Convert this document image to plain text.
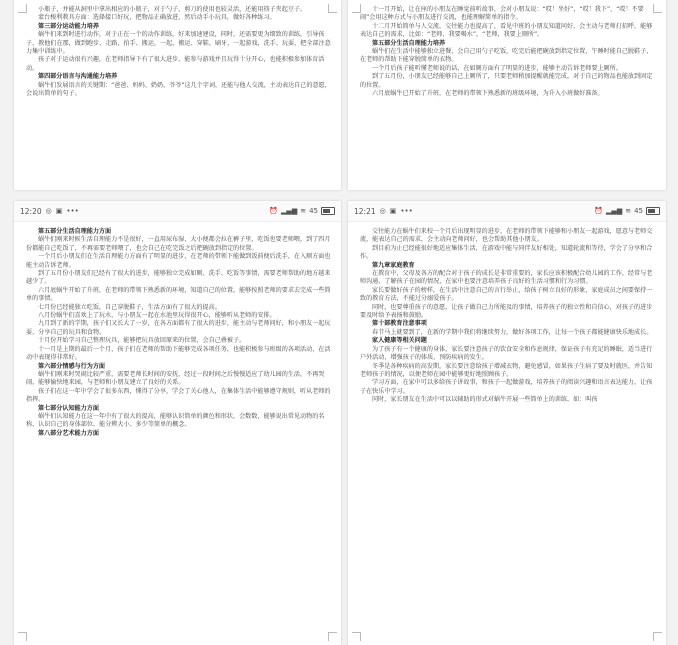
小瓶子，并能从洞里中拿出相应的小瓶子，对于勺子、剪刀的使用也较灵活，还能用筷子夹起豆子。

蒙台梭利教具方面：选择接口好玩，把物品正确放进，然后动手小玩具，做好各种练习。

第三部分运动能力培养

蜗牛们来到时进行动作，对于正在一个的动作训练，好来加速建设，同时，还需要更为细致的训练，引导孩子，教他们在那，做到跑步、走路，拍手、搬运，一起、搬运、穿鞋、刷牙，一起游戏，洗手、玩耍，把全部注意力集中训练中。

孩子对于运动很有兴趣，在老师指导下有了很大进步，能参与游戏并且玩得十分开心，也能积极参加体育活动。

第四部分语言与沟通能力培养

蜗牛们发展语言的关键期：“爸爸、妈妈、奶奶、爷爷”这几个字词，还能与他人交流，主动表达自己的意愿，会说出简单的句子。

十一月开始，让在座的小朋友在睡觉前听故事，会对小朋友说：“哎！坐好”，“哎！我下”，“哎！不要闹”会用这种方式与小朋友进行交流，也能理解简单的指令。

十二月开始简单与人交流，交往能力也提高了，看见中班的小朋友知道问好，会主动与老师打招呼，能够表达自己的需求，比如：“老师，我要喝水”，“老师，我要上厕所”。

第五部分生活自理能力培养

蜗牛们在生活中能够独立进餐，会自己用勺子吃饭，吃完后能把碗放到指定位置，午睡时能自己脱鞋子，在老师的帮助下能穿脱简单的衣物。

一个月后孩子能听懂老师说的话，在如厕方面有了明显的进步，能够主动告诉老师要上厕所。

到了五月份，小朋友已经能够自己上厕所了，只要老师稍加提醒就能完成，对于自己的物品也能放到固定的位置。

六月底蜗牛已开始了升班，在老师的带领下熟悉新的班级环境，为升入小班做好准备。

12:20 ◎ ▣ •••	⏰ ▂▄▆ ≋ 45

第五部分生活自理能力方面

蜗牛们刚来时候生活自理能力不是很好，一直用尿布湿，大小便都会拉在裤子里，吃饭也要老师喂，到了四月份都能自己吃饭了，不再需要老师喂了，也会自己在吃完饭之后把碗放到指定的位置。

一个月后小朋友们在生活自理能力方面有了明显的进步，在老师的带领下能做到饭前便后洗手，在入厕方面也能主动告诉老师。

到了五月份小朋友们已经有了很大的进步，能够独立完成如厕、洗手、吃饭等事情，需要老师帮助的地方越来越少了。

六月底蜗牛开始了升班，在老师的带领下熟悉新的环境，知道自己的位置，能够按照老师的要求去完成一些简单的事情。

七月份已经能独立吃饭，自己穿脱鞋子，生活方面有了很大的提高。

八月份蜗牛们喜欢上了玩水，与小朋友一起在水池里玩得很开心，能够听从老师的安排。

九月到了新的学期，孩子们又长大了一岁，在各方面都有了很大的进步，能主动与老师问好，和小朋友一起玩耍，分享自己的玩具和食物。

十月份开始学习自己整理玩具，能够把玩具放回原来的位置，会自己叠被子。

十一月是上期的最后一个月，孩子们在老师的帮助下能够完成各项任务，也能积极参与班级的各项活动，在活动中表现得非常好。

第六部分情感与行为方面

蜗牛们刚来时哭闹比较严重，需要老师长时间的安抚，经过一段时间之后慢慢适应了幼儿园的生活，不再哭闹，能够愉快地来园，与老师和小朋友建立了良好的关系。

孩子们在这一年中学会了很多东西，懂得了分享，学会了关心他人，在集体生活中能够遵守规则，听从老师的指挥。

第七部分认知能力方面

蜗牛们认知能力在这一年中有了很大的提高，能够认识简单的颜色和形状，会数数，能够说出常见动物的名称，认识自己的身体部位，能分辨大小、多少等简单的概念。

第八部分艺术能力方面

12:21 ◎ ▣ •••	⏰ ▂▄▆ ≋ 45

交往能力在蜗牛们来校一个月后出现明显的进步，在老师的带领下能够和小朋友一起游戏，愿意与老师交流，能表达自己的需求，会主动向老师问好，也会帮助其他小朋友。

到目前为止已经能很好地适应集体生活，在游戏中能与同伴友好相处，知道轮流和等待，学会了分享和合作。

第九章家庭教育

在教育中，父母及各方的配合对于孩子的成长是非常重要的，家长应该积极配合幼儿园的工作，经常与老师沟通，了解孩子在园的情况，在家中也要注意培养孩子良好的生活习惯和行为习惯。

家长要做好孩子的榜样，在生活中注意自己的言行举止，给孩子树立良好的形象，家庭成员之间要保持一致的教育方法，不能过分溺爱孩子。

同时，也要尊重孩子的意愿，让孩子做自己力所能及的事情，培养孩子的独立性和自信心，对孩子的进步要及时给予表扬和鼓励。

第十部教育注意事项

春节马上就要到了，在新的学期中我们将继续努力，做好各项工作，让每一个孩子都能健康快乐地成长。

家人健康等相关问题

为了孩子有一个健康的身体，家长要注意孩子的饮食安全和作息规律，保证孩子有充足的睡眠，适当进行户外活动，增强孩子的体质，预防疾病的发生。

冬季是各种疾病的高发期，家长要注意给孩子增减衣物，避免感冒，如果孩子生病了要及时就医，并告知老师孩子的情况，以便老师在园中能够更好地照顾孩子。

学习方面，在家中可以多给孩子讲故事，和孩子一起做游戏，培养孩子的阅读兴趣和语言表达能力，让孩子在快乐中学习。

同时，家长朋友在生活中可以以辅助的形式对蜗牛开展一些简单上的训练，如：叫孩
